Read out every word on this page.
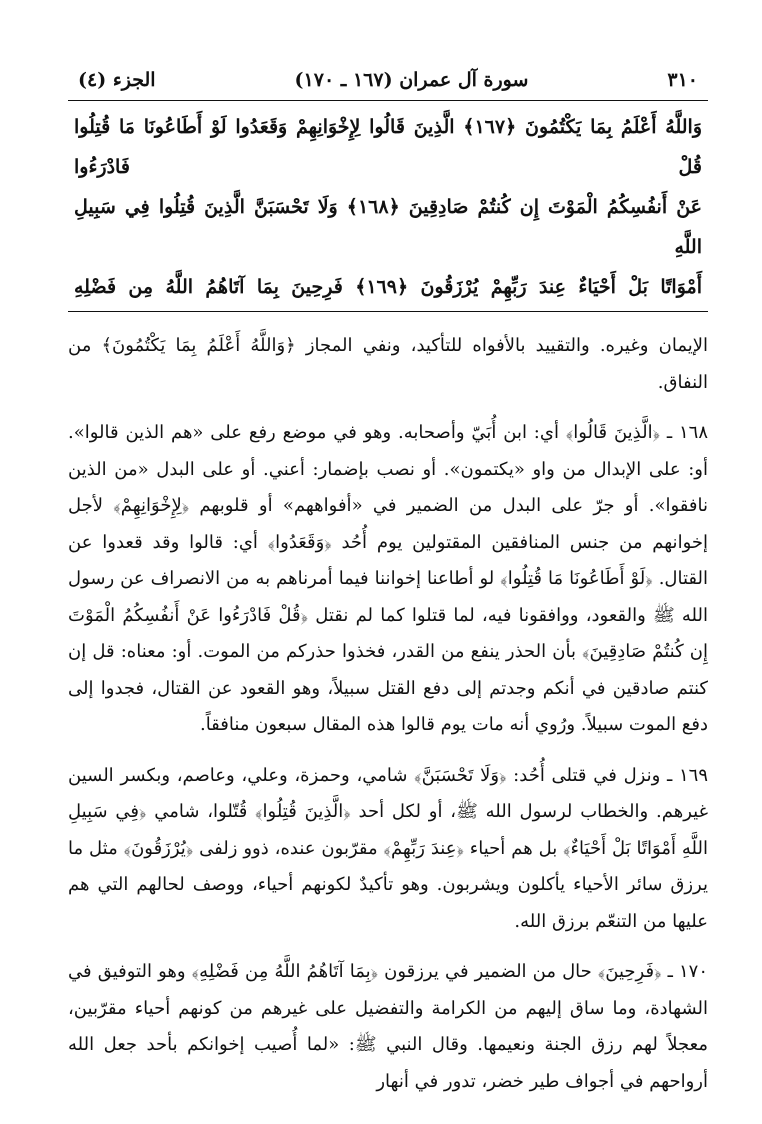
٣١٠
سورة آل عمران (١٦٧ ـ ١٧٠)
الجزء (٤)

وَاللَّهُ أَعْلَمُ بِمَا يَكْتُمُونَ ﴿١٦٧﴾ الَّذِينَ قَالُوا لِإِخْوَانِهِمْ وَقَعَدُوا لَوْ أَطَاعُونَا مَا قُتِلُوا قُلْ فَادْرَءُوا

عَنْ أَنفُسِكُمُ الْمَوْتَ إِن كُنتُمْ صَادِقِينَ ﴿١٦٨﴾ وَلَا تَحْسَبَنَّ الَّذِينَ قُتِلُوا فِي سَبِيلِ اللَّهِ

أَمْوَاتًا بَلْ أَحْيَاءٌ عِندَ رَبِّهِمْ يُرْزَقُونَ ﴿١٦٩﴾ فَرِحِينَ بِمَا آتَاهُمُ اللَّهُ مِن فَضْلِهِ

الإيمان وغيره. والتقييد بالأفواه للتأكيد، ونفي المجاز ﴿وَاللَّهُ أَعْلَمُ بِمَا يَكْتُمُونَ﴾ من النفاق.

١٦٨ ـ ﴿الَّذِينَ قَالُوا﴾ أي: ابن أُبَيّ وأصحابه. وهو في موضع رفع على «هم الذين قالوا». أو: على الإبدال من واو «يكتمون». أو نصب بإضمار: أعني. أو على البدل «من الذين نافقوا». أو جرّ على البدل من الضمير في «أفواههم» أو قلوبهم ﴿لِإِخْوَانِهِمْ﴾ لأجل إخوانهم من جنس المنافقين المقتولين يوم أُحُد ﴿وَقَعَدُوا﴾ أي: قالوا وقد قعدوا عن القتال. ﴿لَوْ أَطَاعُونَا مَا قُتِلُوا﴾ لو أطاعنا إخواننا فيما أمرناهم به من الانصراف عن رسول الله ﷺ والقعود، ووافقونا فيه، لما قتلوا كما لم نقتل ﴿قُلْ فَادْرَءُوا عَنْ أَنفُسِكُمُ الْمَوْتَ إِن كُنتُمْ صَادِقِينَ﴾ بأن الحذر ينفع من القدر، فخذوا حذركم من الموت. أو: معناه: قل إن كنتم صادقين في أنكم وجدتم إلى دفع القتل سبيلاً، وهو القعود عن القتال، فجدوا إلى دفع الموت سبيلاً. ورُوي أنه مات يوم قالوا هذه المقال سبعون منافقاً.

١٦٩ ـ ونزل في قتلى أُحُد: ﴿وَلَا تَحْسَبَنَّ﴾ شامي، وحمزة، وعلي، وعاصم، وبكسر السين غيرهم. والخطاب لرسول الله ﷺ، أو لكل أحد ﴿الَّذِينَ قُتِلُوا﴾ قُتّلوا، شامي ﴿فِي سَبِيلِ اللَّهِ أَمْوَاتًا بَلْ أَحْيَاءٌ﴾ بل هم أحياء ﴿عِندَ رَبِّهِمْ﴾ مقرّبون عنده، ذوو زلفى ﴿يُرْزَقُونَ﴾ مثل ما يرزق سائر الأحياء يأكلون ويشربون. وهو تأكيدٌ لكونهم أحياء، ووصف لحالهم التي هم عليها من التنعّم برزق الله.

١٧٠ ـ ﴿فَرِحِينَ﴾ حال من الضمير في يرزقون ﴿بِمَا آتَاهُمُ اللَّهُ مِن فَضْلِهِ﴾ وهو التوفيق في الشهادة، وما ساق إليهم من الكرامة والتفضيل على غيرهم من كونهم أحياء مقرّبين، معجلاً لهم رزق الجنة ونعيمها. وقال النبي ﷺ: «لما أُصيب إخوانكم بأحد جعل الله أرواحهم في أجواف طير خضر، تدور في أنهار
